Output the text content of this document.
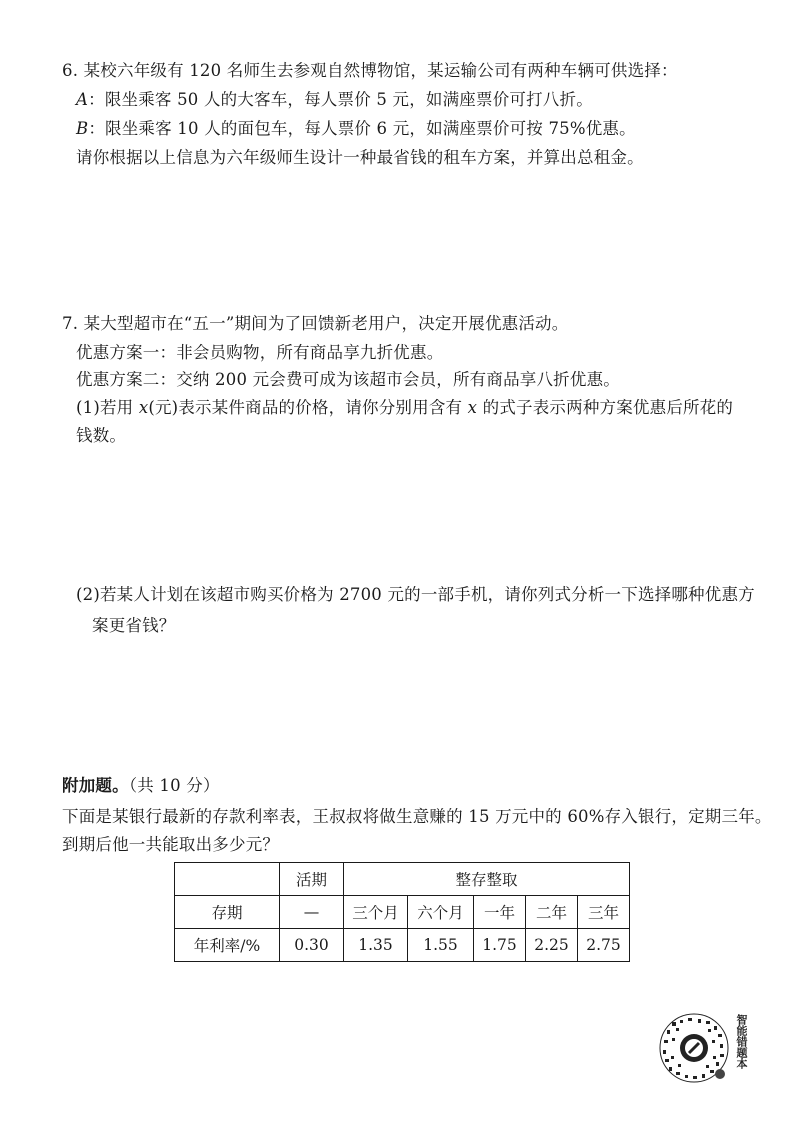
6. 某校六年级有 120 名师生去参观自然博物馆，某运输公司有两种车辆可供选择：
A：限坐乘客 50 人的大客车，每人票价 5 元，如满座票价可打八折。
B：限坐乘客 10 人的面包车，每人票价 6 元，如满座票价可按 75%优惠。
请你根据以上信息为六年级师生设计一种最省钱的租车方案，并算出总租金。
7. 某大型超市在“五一”期间为了回馈新老用户，决定开展优惠活动。
优惠方案一：非会员购物，所有商品享九折优惠。
优惠方案二：交纳 200 元会费可成为该超市会员，所有商品享八折优惠。
(1)若用 x(元)表示某件商品的价格，请你分别用含有 x 的式子表示两种方案优惠后所花的
钱数。
(2)若某人计划在该超市购买价格为 2700 元的一部手机，请你列式分析一下选择哪种优惠方
案更省钱？
附加题。（共 10 分）
下面是某银行最新的存款利率表，王叔叔将做生意赚的 15 万元中的 60%存入银行，定期三年。
到期后他一共能取出多少元？
	活期	整存整取				
存期	—	三个月	六个月	一年	二年	三年
年利率/%	0.30	1.35	1.55	1.75	2.25	2.75
智能错题本
